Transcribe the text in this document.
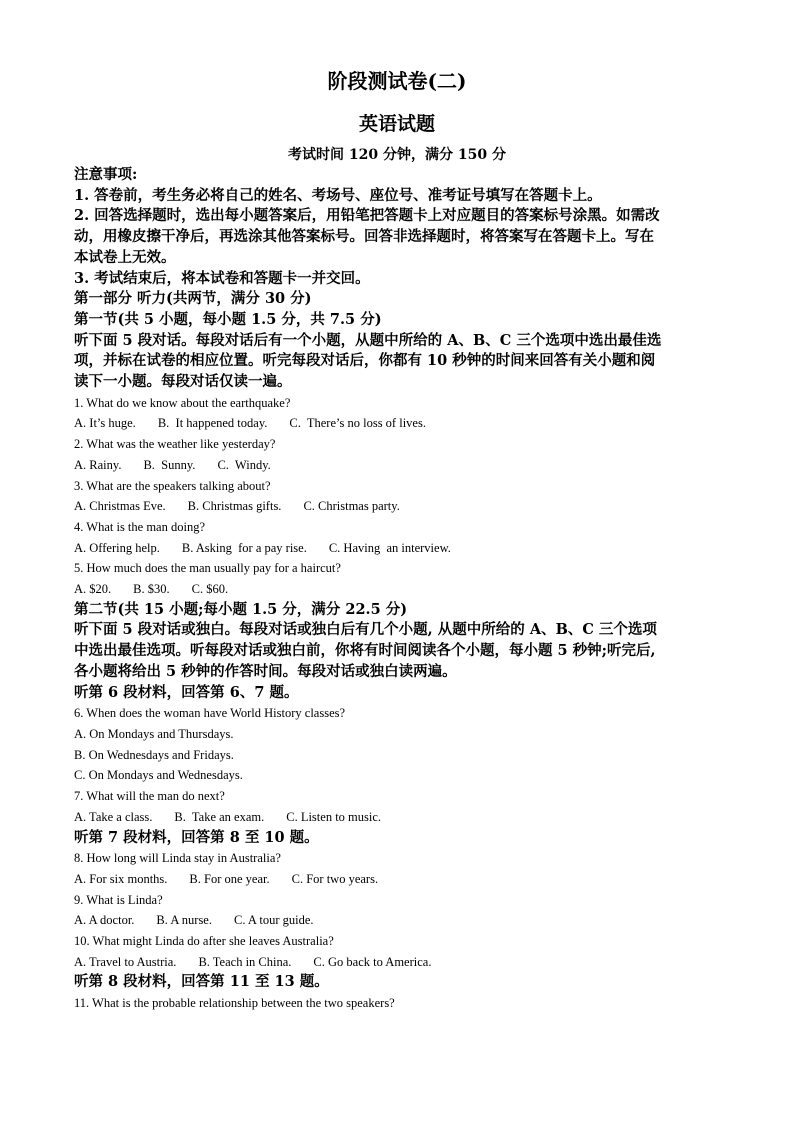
阶段测试卷(二)
英语试题
考试时间 120 分钟，满分 150 分

注意事项:

1. 答卷前，考生务必将自己的姓名、考场号、座位号、准考证号填写在答题卡上。

2. 回答选择题时，选出每小题答案后，用铅笔把答题卡上对应题目的答案标号涂黑。如需改

动，用橡皮擦干净后，再选涂其他答案标号。回答非选择题时，将答案写在答题卡上。写在

本试卷上无效。

3. 考试结束后，将本试卷和答题卡一并交回。

第一部分 听力(共两节，满分 30 分)

第一节(共 5 小题，每小题 1.5 分，共 7.5 分)

听下面 5 段对话。每段对话后有一个小题，从题中所给的 A、B、C 三个选项中选出最佳选

项，并标在试卷的相应位置。听完每段对话后，你都有 10 秒钟的时间来回答有关小题和阅

读下一小题。每段对话仅读一遍。

1. What do we know about the earthquake?

A. It’s huge. B.  It happened today. C.  There’s no loss of lives.

2. What was the weather like yesterday?

A. Rainy. B.  Sunny. C.  Windy.

3. What are the speakers talking about?

A. Christmas Eve. B. Christmas gifts. C. Christmas party.

4. What is the man doing?

A. Offering help. B. Asking  for a pay rise. C. Having  an interview.

5. How much does the man usually pay for a haircut?

A. $20. B. $30. C. $60.

第二节(共 15 小题;每小题 1.5 分，满分 22.5 分)

听下面 5 段对话或独白。每段对话或独白后有几个小题, 从题中所给的 A、B、C 三个选项

中选出最佳选项。听每段对话或独白前，你将有时间阅读各个小题，每小题 5 秒钟;听完后,

各小题将给出 5 秒钟的作答时间。每段对话或独白读两遍。

听第 6 段材料，回答第 6、7 题。

6. When does the woman have World History classes?

A. On Mondays and Thursdays.

B. On Wednesdays and Fridays.

C. On Mondays and Wednesdays.

7. What will the man do next?

A. Take a class. B.  Take an exam. C. Listen to music.

听第 7 段材料，回答第 8 至 10 题。

8. How long will Linda stay in Australia?

A. For six months. B. For one year. C. For two years.

9. What is Linda?

A. A doctor. B. A nurse. C. A tour guide.

10. What might Linda do after she leaves Australia?

A. Travel to Austria. B. Teach in China. C. Go back to America.

听第 8 段材料，回答第 11 至 13 题。

11. What is the probable relationship between the two speakers?
